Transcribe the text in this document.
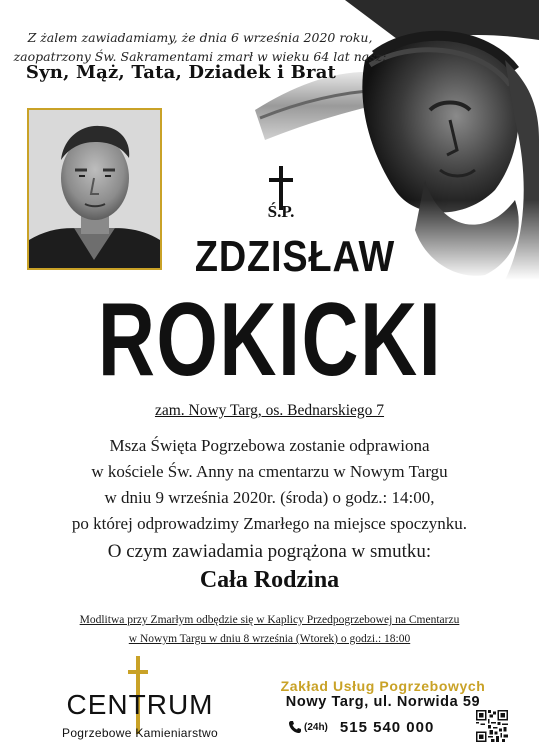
Z żalem zawiadamiamy, że dnia 6 września 2020 roku,
zaopatrzony Św. Sakramentami zmarł w wieku 64 lat nasz:
Syn, Mąż, Tata, Dziadek i Brat
Ś.P.
ZDZISŁAW
ROKICKI
zam. Nowy Targ, os. Bednarskiego 7
Msza Święta Pogrzebowa zostanie odprawiona
w kościele Św. Anny na cmentarzu w Nowym Targu
w dniu 9 września 2020r. (środa) o godz.: 14:00,
po której odprowadzimy Zmarłego na miejsce spoczynku.
O czym zawiadamia pogrążona w smutku:
Cała Rodzina
Modlitwa przy Zmarłym odbędzie się w Kaplicy Przedpogrzebowej na Cmentarzu
w Nowym Targu w dniu 8 września (Wtorek) o godzi.: 18:00
CENTRUM
Pogrzebowe Kamieniarstwo
Zakład Usług Pogrzebowych
Nowy Targ, ul. Norwida 59
(24h) 515 540 000
